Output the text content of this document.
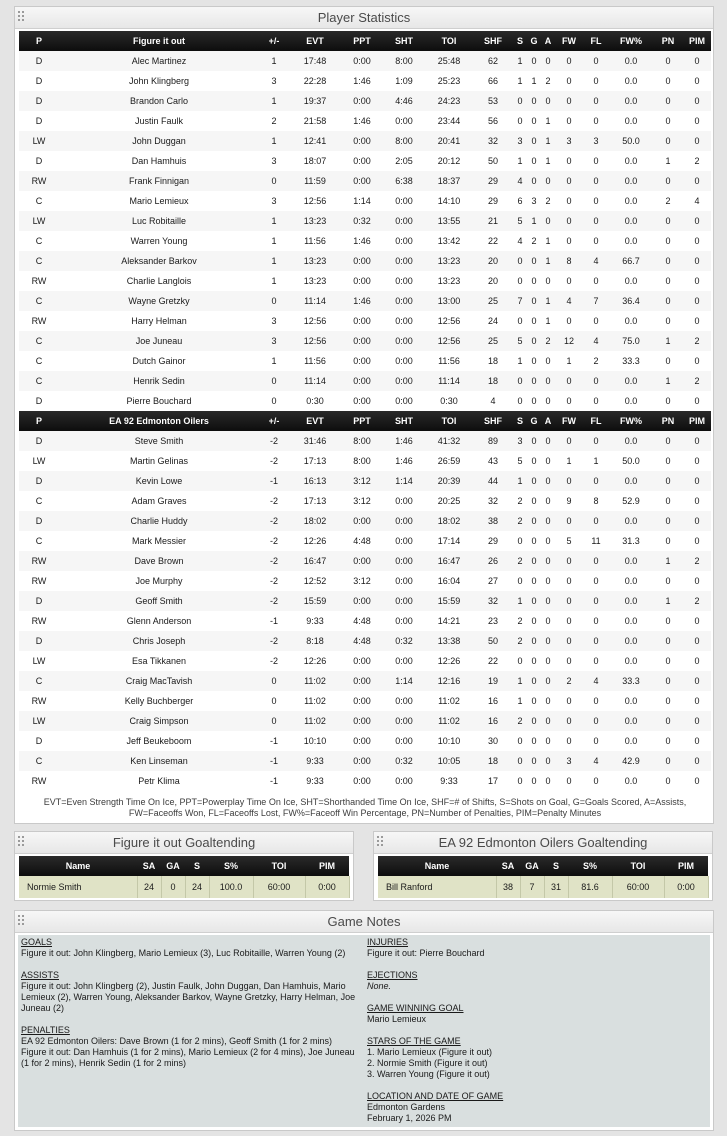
Player Statistics
P	Figure it out	+/-	EVT	PPT	SHT	TOI	SHF	S	G	A	FW	FL	FW%	PN	PIM
D	Alec Martinez	1	17:48	0:00	8:00	25:48	62	1	0	0	0	0	0.0	0	0
D	John Klingberg	3	22:28	1:46	1:09	25:23	66	1	1	2	0	0	0.0	0	0
D	Brandon Carlo	1	19:37	0:00	4:46	24:23	53	0	0	0	0	0	0.0	0	0
D	Justin Faulk	2	21:58	1:46	0:00	23:44	56	0	0	1	0	0	0.0	0	0
LW	John Duggan	1	12:41	0:00	8:00	20:41	32	3	0	1	3	3	50.0	0	0
D	Dan Hamhuis	3	18:07	0:00	2:05	20:12	50	1	0	1	0	0	0.0	1	2
RW	Frank Finnigan	0	11:59	0:00	6:38	18:37	29	4	0	0	0	0	0.0	0	0
C	Mario Lemieux	3	12:56	1:14	0:00	14:10	29	6	3	2	0	0	0.0	2	4
LW	Luc Robitaille	1	13:23	0:32	0:00	13:55	21	5	1	0	0	0	0.0	0	0
C	Warren Young	1	11:56	1:46	0:00	13:42	22	4	2	1	0	0	0.0	0	0
C	Aleksander Barkov	1	13:23	0:00	0:00	13:23	20	0	0	1	8	4	66.7	0	0
RW	Charlie Langlois	1	13:23	0:00	0:00	13:23	20	0	0	0	0	0	0.0	0	0
C	Wayne Gretzky	0	11:14	1:46	0:00	13:00	25	7	0	1	4	7	36.4	0	0
RW	Harry Helman	3	12:56	0:00	0:00	12:56	24	0	0	1	0	0	0.0	0	0
C	Joe Juneau	3	12:56	0:00	0:00	12:56	25	5	0	2	12	4	75.0	1	2
C	Dutch Gainor	1	11:56	0:00	0:00	11:56	18	1	0	0	1	2	33.3	0	0
C	Henrik Sedin	0	11:14	0:00	0:00	11:14	18	0	0	0	0	0	0.0	1	2
D	Pierre Bouchard	0	0:30	0:00	0:00	0:30	4	0	0	0	0	0	0.0	0	0
P	EA 92 Edmonton Oilers	+/-	EVT	PPT	SHT	TOI	SHF	S	G	A	FW	FL	FW%	PN	PIM
D	Steve Smith	-2	31:46	8:00	1:46	41:32	89	3	0	0	0	0	0.0	0	0
LW	Martin Gelinas	-2	17:13	8:00	1:46	26:59	43	5	0	0	1	1	50.0	0	0
D	Kevin Lowe	-1	16:13	3:12	1:14	20:39	44	1	0	0	0	0	0.0	0	0
C	Adam Graves	-2	17:13	3:12	0:00	20:25	32	2	0	0	9	8	52.9	0	0
D	Charlie Huddy	-2	18:02	0:00	0:00	18:02	38	2	0	0	0	0	0.0	0	0
C	Mark Messier	-2	12:26	4:48	0:00	17:14	29	0	0	0	5	11	31.3	0	0
RW	Dave Brown	-2	16:47	0:00	0:00	16:47	26	2	0	0	0	0	0.0	1	2
RW	Joe Murphy	-2	12:52	3:12	0:00	16:04	27	0	0	0	0	0	0.0	0	0
D	Geoff Smith	-2	15:59	0:00	0:00	15:59	32	1	0	0	0	0	0.0	1	2
RW	Glenn Anderson	-1	9:33	4:48	0:00	14:21	23	2	0	0	0	0	0.0	0	0
D	Chris Joseph	-2	8:18	4:48	0:32	13:38	50	2	0	0	0	0	0.0	0	0
LW	Esa Tikkanen	-2	12:26	0:00	0:00	12:26	22	0	0	0	0	0	0.0	0	0
C	Craig MacTavish	0	11:02	0:00	1:14	12:16	19	1	0	0	2	4	33.3	0	0
RW	Kelly Buchberger	0	11:02	0:00	0:00	11:02	16	1	0	0	0	0	0.0	0	0
LW	Craig Simpson	0	11:02	0:00	0:00	11:02	16	2	0	0	0	0	0.0	0	0
D	Jeff Beukeboom	-1	10:10	0:00	0:00	10:10	30	0	0	0	0	0	0.0	0	0
C	Ken Linseman	-1	9:33	0:00	0:32	10:05	18	0	0	0	3	4	42.9	0	0
RW	Petr Klima	-1	9:33	0:00	0:00	9:33	17	0	0	0	0	0	0.0	0	0
EVT=Even Strength Time On Ice, PPT=Powerplay Time On Ice, SHT=Shorthanded Time On Ice, SHF=# of Shifts, S=Shots on Goal, G=Goals Scored, A=Assists, FW=Faceoffs Won, FL=Faceoffs Lost, FW%=Faceoff Win Percentage, PN=Number of Penalties, PIM=Penalty Minutes
Figure it out Goaltending
Name	SA	GA	S	S%	TOI	PIM
Normie Smith	24	0	24	100.0	60:00	0:00
EA 92 Edmonton Oilers Goaltending
Name	SA	GA	S	S%	TOI	PIM
Bill Ranford	38	7	31	81.6	60:00	0:00
Game Notes
GOALS
Figure it out: John Klingberg, Mario Lemieux (3), Luc Robitaille, Warren Young (2)
ASSISTS
Figure it out: John Klingberg (2), Justin Faulk, John Duggan, Dan Hamhuis, Mario Lemieux (2), Warren Young, Aleksander Barkov, Wayne Gretzky, Harry Helman, Joe Juneau (2)
PENALTIES
EA 92 Edmonton Oilers: Dave Brown (1 for 2 mins), Geoff Smith (1 for 2 mins)
Figure it out: Dan Hamhuis (1 for 2 mins), Mario Lemieux (2 for 4 mins), Joe Juneau (1 for 2 mins), Henrik Sedin (1 for 2 mins)
INJURIES
Figure it out: Pierre Bouchard
EJECTIONS
None.
GAME WINNING GOAL
Mario Lemieux
STARS OF THE GAME
1. Mario Lemieux (Figure it out)
2. Normie Smith (Figure it out)
3. Warren Young (Figure it out)
LOCATION AND DATE OF GAME
Edmonton Gardens
February 1, 2026 PM
